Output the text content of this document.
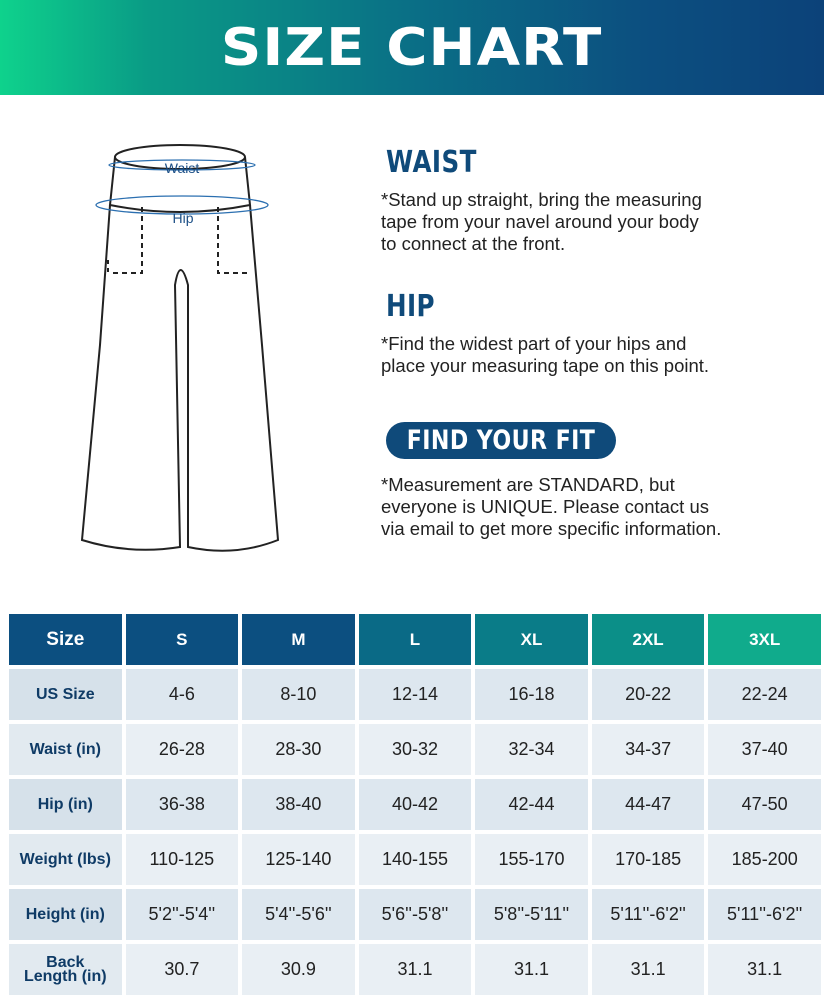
SIZE CHART
Waist
Hip
WAIST
*Stand up straight, bring the measuring
tape from your navel around your body
to connect at the front.
HIP
*Find the widest part of your hips and
place your measuring tape on this point.
FIND YOUR FIT
*Measurement are STANDARD, but
everyone is UNIQUE. Please contact us
via email to get more specific information.
Size	S	M	L	XL	2XL	3XL
US Size	4-6	8-10	12-14	16-18	20-22	22-24
Waist (in)	26-28	28-30	30-32	32-34	34-37	37-40
Hip (in)	36-38	38-40	40-42	42-44	44-47	47-50
Weight (lbs)	110-125	125-140	140-155	155-170	170-185	185-200
Height (in)	5'2''-5'4''	5'4''-5'6''	5'6''-5'8''	5'8''-5'11''	5'11''-6'2''	5'11''-6'2''
Back
Length (in)	30.7	30.9	31.1	31.1	31.1	31.1
